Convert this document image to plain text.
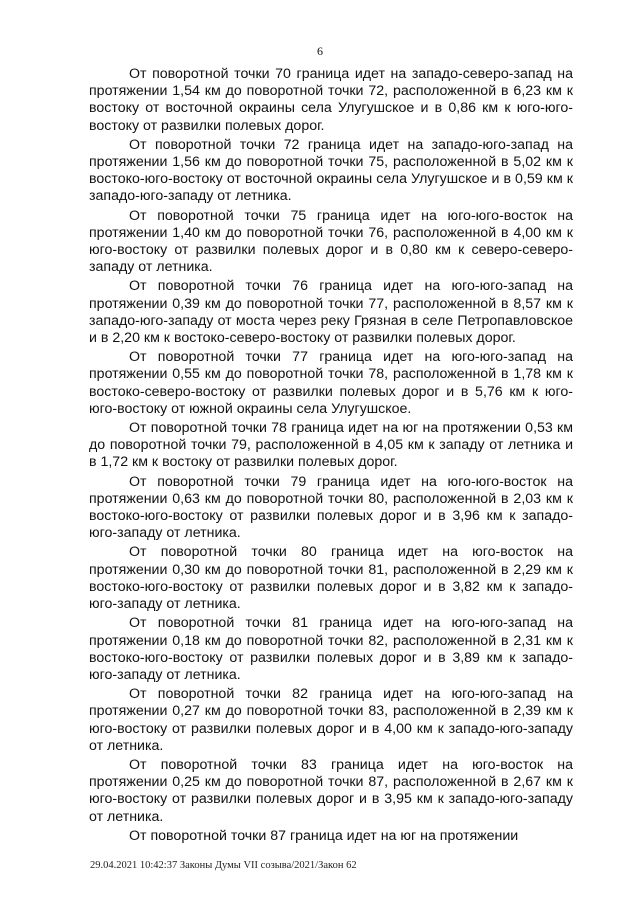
6

От поворотной точки 70 граница идет на западо-северо-запад на протяжении 1,54 км до поворотной точки 72, расположенной в 6,23 км к востоку от восточной окраины села Улугушское и в 0,86 км к юго-юго-востоку от развилки полевых дорог.

От поворотной точки 72 граница идет на западо-юго-запад на протяжении 1,56 км до поворотной точки 75, расположенной в 5,02 км к востоко-юго-востоку от восточной окраины села Улугушское и в 0,59 км к западо-юго-западу от летника.

От поворотной точки 75 граница идет на юго-юго-восток на протяжении 1,40 км до поворотной точки 76, расположенной в 4,00 км к юго-востоку от развилки полевых дорог и в 0,80 км к северо-северо-западу от летника.

От поворотной точки 76 граница идет на юго-юго-запад на протяжении 0,39 км до поворотной точки 77, расположенной в 8,57 км к западо-юго-западу от моста через реку Грязная в селе Петропавловское и в 2,20 км к востоко-северо-востоку от развилки полевых дорог.

От поворотной точки 77 граница идет на юго-юго-запад на протяжении 0,55 км до поворотной точки 78, расположенной в 1,78 км к востоко-северо-востоку от развилки полевых дорог и в 5,76 км к юго-юго-востоку от южной окраины села Улугушское.

От поворотной точки 78 граница идет на юг на протяжении 0,53 км до поворотной точки 79, расположенной в 4,05 км к западу от летника и в 1,72 км к востоку от развилки полевых дорог.

От поворотной точки 79 граница идет на юго-юго-восток на протяжении 0,63 км до поворотной точки 80, расположенной в 2,03 км к востоко-юго-востоку от развилки полевых дорог и в 3,96 км к западо-юго-западу от летника.

От поворотной точки 80 граница идет на юго-восток на протяжении 0,30 км до поворотной точки 81, расположенной в 2,29 км к востоко-юго-востоку от развилки полевых дорог и в 3,82 км к западо-юго-западу от летника.

От поворотной точки 81 граница идет на юго-юго-запад на протяжении 0,18 км до поворотной точки 82, расположенной в 2,31 км к востоко-юго-востоку от развилки полевых дорог и в 3,89 км к западо-юго-западу от летника.

От поворотной точки 82 граница идет на юго-юго-запад на протяжении 0,27 км до поворотной точки 83, расположенной в 2,39 км к юго-востоку от развилки полевых дорог и в 4,00 км к западо-юго-западу от летника.

От поворотной точки 83 граница идет на юго-восток на протяжении 0,25 км до поворотной точки 87, расположенной в 2,67 км к юго-востоку от развилки полевых дорог и в 3,95 км к западо-юго-западу от летника.

От поворотной точки 87 граница идет на юг на протяжении

29.04.2021 10:42:37 Законы Думы VII созыва/2021/Закон 62
